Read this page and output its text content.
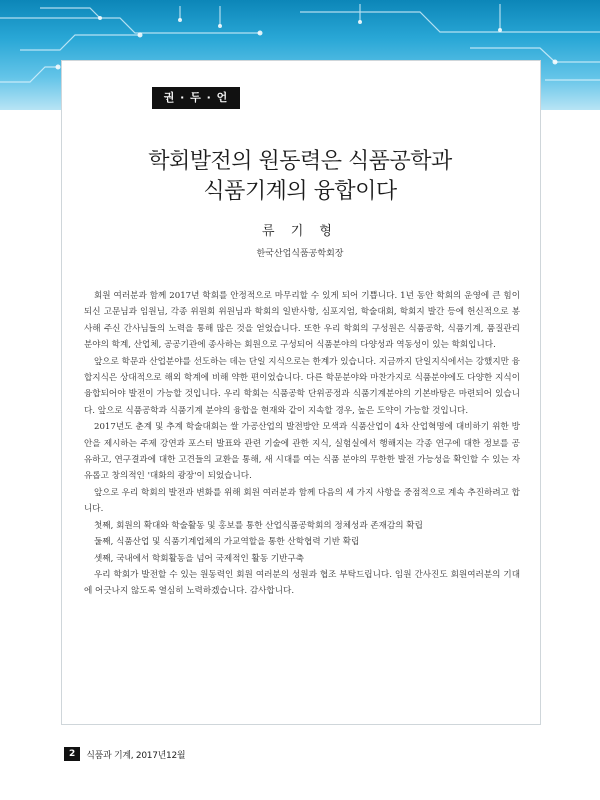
권 · 두 · 언
학회발전의 원동력은 식품공학과
식품기계의 융합이다
류 기 형
한국산업식품공학회장

회원 여러분과 함께 2017년 학회를 안정적으로 마무리할 수 있게 되어 기쁩니다. 1년 동안 학회의 운영에 큰 힘이 되신 고문님과 임원님, 각종 위원회 위원님과 학회의 일반사항, 심포지엄, 학술대회, 학회지 발간 등에 헌신적으로 봉사해 주신 간사님들의 노력을 통해 많은 것을 얻었습니다. 또한 우리 학회의 구성원은 식품공학, 식품기계, 품질관리 분야의 학계, 산업체, 공공기관에 종사하는 회원으로 구성되어 식품분야의 다양성과 역동성이 있는 학회입니다.

앞으로 학문과 산업분야를 선도하는 데는 단일 지식으로는 한계가 있습니다. 지금까지 단일지식에서는 강했지만 융합지식은 상대적으로 해외 학계에 비해 약한 편이었습니다. 다른 학문분야와 마찬가지로 식품분야에도 다양한 지식이 융합되어야 발전이 가능할 것입니다. 우리 학회는 식품공학 단위공정과 식품기계분야의 기본바탕은 마련되어 있습니다. 앞으로 식품공학과 식품기계 분야의 융합을 현재와 같이 지속할 경우, 높은 도약이 가능할 것입니다.

2017년도 춘계 및 추계 학술대회는 쌀 가공산업의 발전방안 모색과 식품산업이 4차 산업혁명에 대비하기 위한 방안을 제시하는 주제 강연과 포스터 발표와 관련 기술에 관한 지식, 실험실에서 행해지는 각종 연구에 대한 정보를 공유하고, 연구결과에 대한 고견들의 교환을 통해, 새 시대를 여는 식품 분야의 무한한 발전 가능성을 확인할 수 있는 자유롭고 창의적인 '대화의 광장'이 되었습니다.

앞으로 우리 학회의 발전과 변화를 위해 회원 여러분과 함께 다음의 세 가지 사항을 중점적으로 계속 추진하려고 합니다.

첫째, 회원의 확대와 학술활동 및 홍보를 통한 산업식품공학회의 정체성과 존재감의 확립

둘째, 식품산업 및 식품기계업체의 가교역할을 통한 산학협력 기반 확립

셋째, 국내에서 학회활동을 넘어 국제적인 활동 기반구축

우리 학회가 발전할 수 있는 원동력인 회원 여러분의 성원과 협조 부탁드립니다. 임원 간사진도 회원여러분의 기대에 어긋나지 않도록 열심히 노력하겠습니다. 감사합니다.

2	식품과 기계, 2017년12월
